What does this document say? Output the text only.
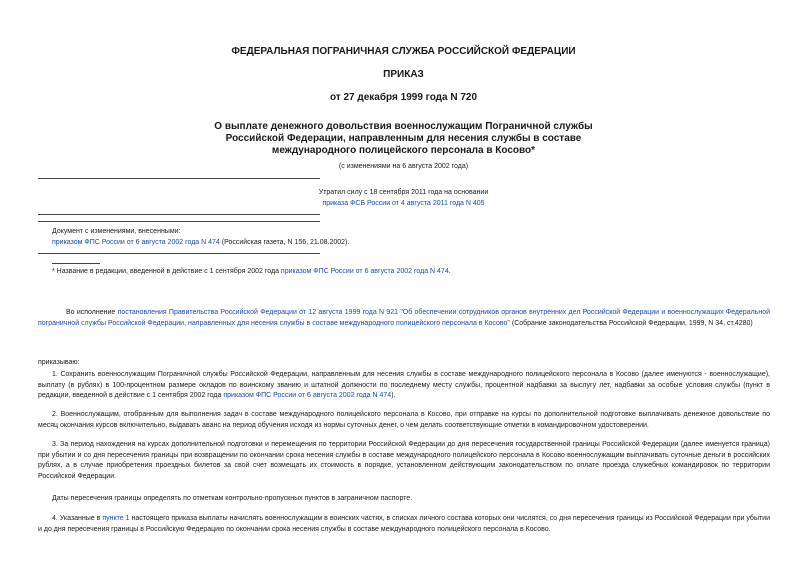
ФЕДЕРАЛЬНАЯ ПОГРАНИЧНАЯ СЛУЖБА РОССИЙСКОЙ ФЕДЕРАЦИИ
ПРИКАЗ
от 27 декабря 1999 года N 720
О выплате денежного довольствия военнослужащим Пограничной службы
Российской Федерации, направленным для несения службы в составе
международного полицейского персонала в Косово*
(с изменениями на 6 августа 2002 года)
Утратил силу с 18 сентября 2011 года на основании
приказа ФСБ России от 4 августа 2011 года N 405
Документ с изменениями, внесенными:
приказом ФПС России от 6 августа 2002 года N 474 (Российская газета, N 156, 21.08.2002).
* Название в редакции, введенной в действие с 1 сентября 2002 года приказом ФПС России от 6 августа 2002 года N 474.
Во исполнение постановления Правительства Российской Федерации от 12 августа 1999 года N 921 "Об обеспечении сотрудников органов внутренних дел Российской Федерации и военнослужащих Федеральной пограничной службы Российской Федерации, направленных для несения службы в составе международного полицейского персонала в Косово" (Собрание законодательства Российской Федерации, 1999, N 34, ст.4280)
приказываю:
1. Сохранить военнослужащим Пограничной службы Российской Федерации, направленным для несения службы в составе международного полицейского персонала в Косово (далее именуются - военнослужащие), выплату (в рублях) в 100-процентном размере окладов по воинскому званию и штатной должности по последнему месту службы, процентной надбавки за выслугу лет, надбавки за особые условия службы (пункт в редакции, введенной в действие с 1 сентября 2002 года приказом ФПС России от 6 августа 2002 года N 474).
2. Военнослужащим, отобранным для выполнения задач в составе международного полицейского персонала в Косово, при отправке на курсы по дополнительной подготовке выплачивать денежное довольствие по месяц окончания курсов включительно, выдавать аванс на период обучения исходя из нормы суточных денег, о чем делать соответствующие отметки в командировочном удостоверении.
3. За период нахождения на курсах дополнительной подготовки и перемещения по территории Российской Федерации до дня пересечения государственной границы Российской Федерации (далее именуется граница) при убытии и со дня пересечения границы при возвращении по окончании срока несения службы в составе международного полицейского персонала в Косово военнослужащим выплачивать суточные деньги в российских рублях, а в случае приобретения проездных билетов за свой счет возмещать их стоимость в порядке, установленном действующим законодательством по оплате проезда служебных командировок по территории Российской Федерации.
Даты пересечения границы определять по отметкам контрольно-пропускных пунктов в заграничном паспорте.
4. Указанные в пункте 1 настоящего приказа выплаты начислять военнослужащим в воинских частях, в списках личного состава которых они числятся, со дня пересечения границы из Российской Федерации при убытии и до дня пересечения границы в Российскую Федерацию по окончании срока несения службы в составе международного полицейского персонала в Косово.
